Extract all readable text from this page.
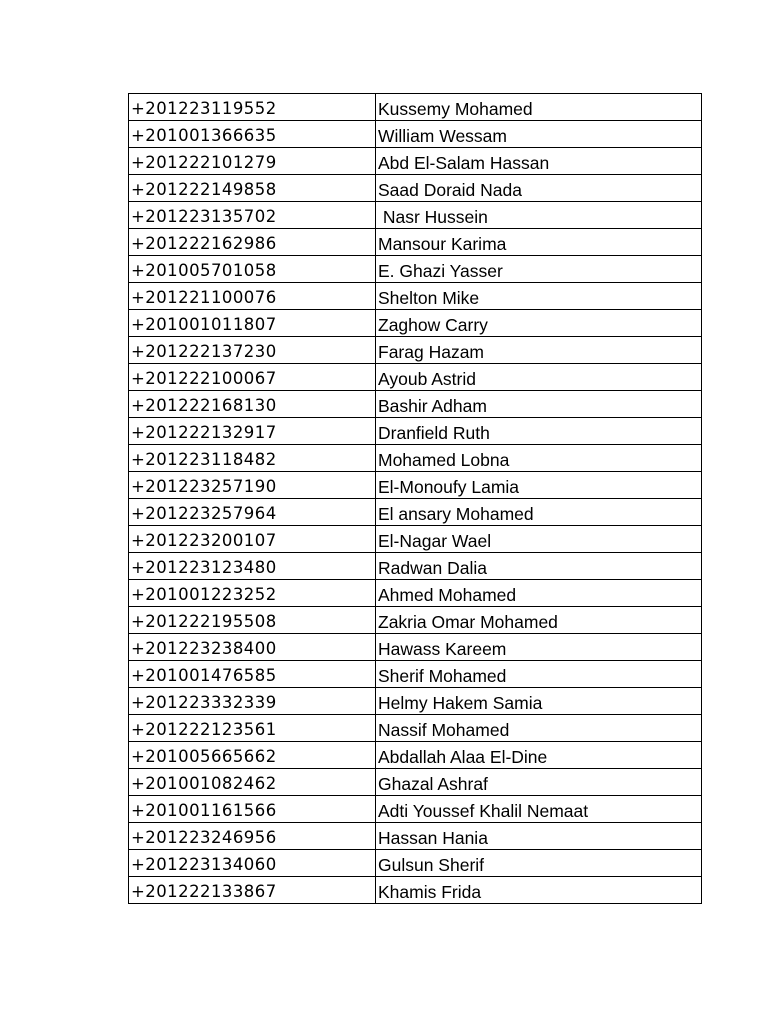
+201223119552	Kussemy Mohamed
+201001366635	William Wessam
+201222101279	Abd El-Salam Hassan
+201222149858	Saad Doraid Nada
+201223135702	Nasr Hussein
+201222162986	Mansour Karima
+201005701058	E. Ghazi Yasser
+201221100076	Shelton Mike
+201001011807	Zaghow Carry
+201222137230	Farag Hazam
+201222100067	Ayoub Astrid
+201222168130	Bashir Adham
+201222132917	Dranfield Ruth
+201223118482	Mohamed Lobna
+201223257190	El-Monoufy Lamia
+201223257964	El ansary Mohamed
+201223200107	El-Nagar Wael
+201223123480	Radwan Dalia
+201001223252	Ahmed Mohamed
+201222195508	Zakria Omar Mohamed
+201223238400	Hawass Kareem
+201001476585	Sherif Mohamed
+201223332339	Helmy Hakem Samia
+201222123561	Nassif Mohamed
+201005665662	Abdallah Alaa El-Dine
+201001082462	Ghazal Ashraf
+201001161566	Adti Youssef Khalil Nemaat
+201223246956	Hassan Hania
+201223134060	Gulsun Sherif
+201222133867	Khamis Frida
